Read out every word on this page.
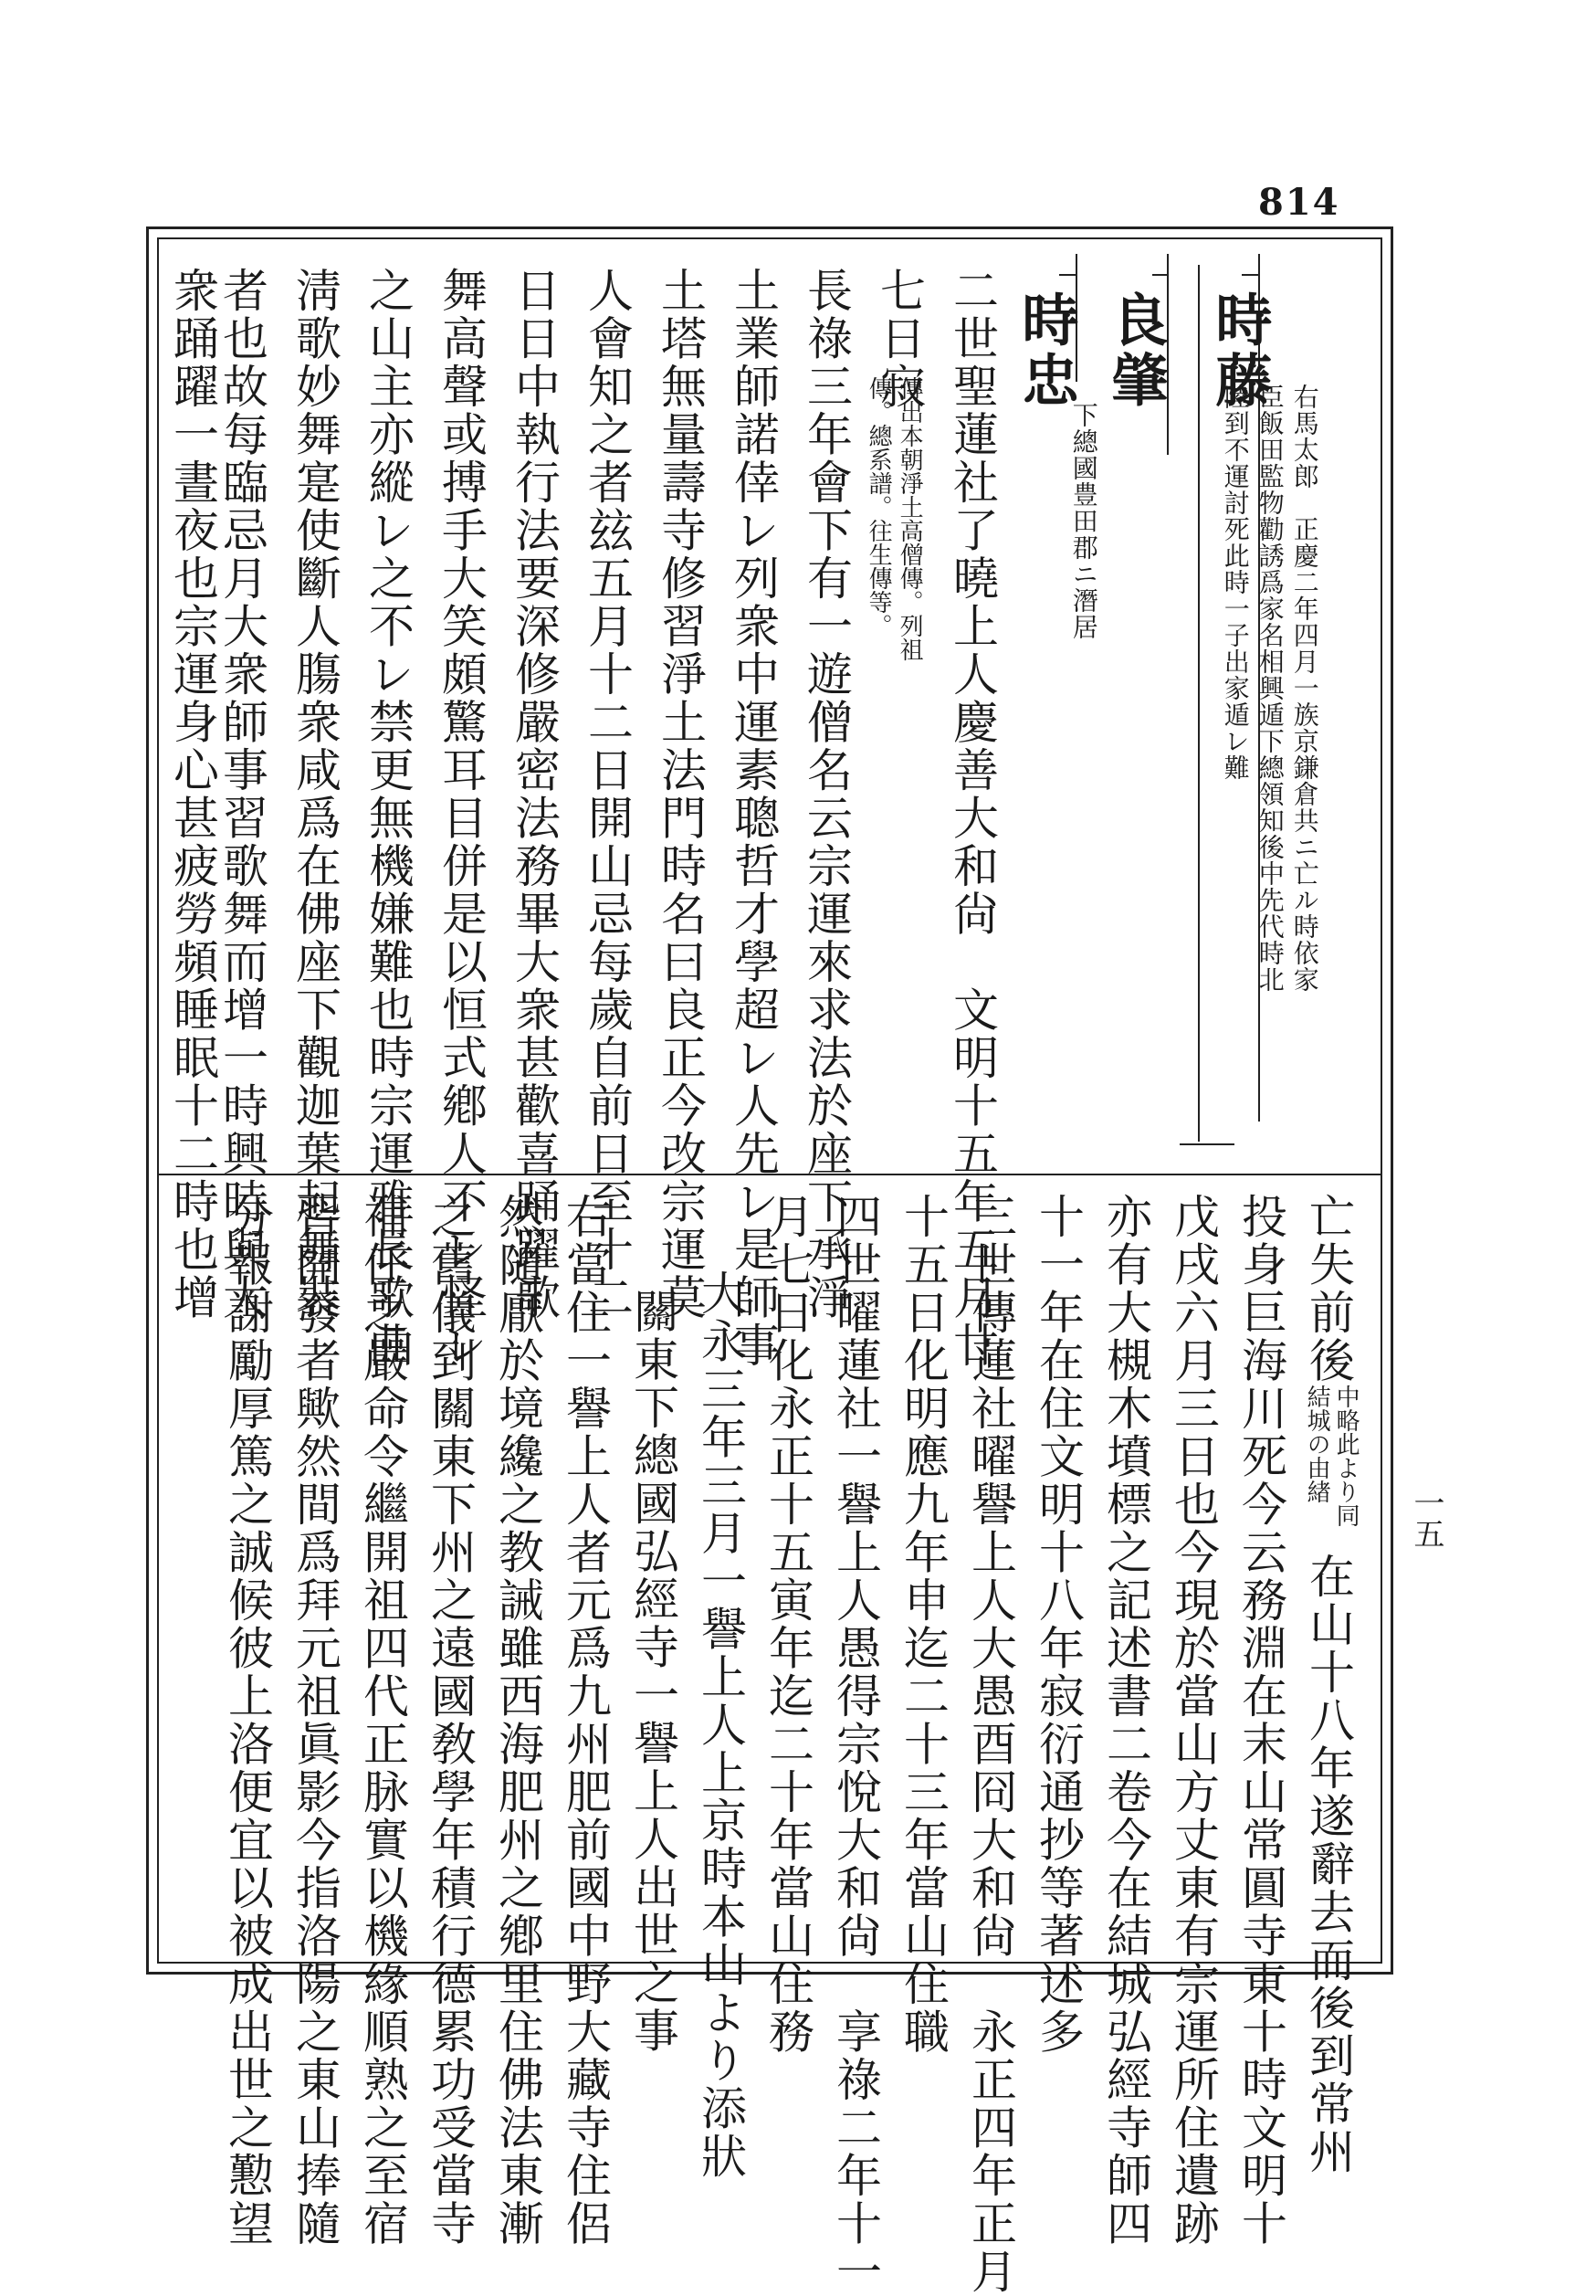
814
一五
時藤
右馬太郎　正慶二年四月一族京鎌倉共ニ亡ル時依家
臣飯田監物勸誘爲家名相興遁下總領知後中先代時北
陸到不運討死此時一子出家遁レ難
良肇
時忠
下總國豊田郡ニ潛居
二世聖蓮社了曉上人慶善大和尙　文明十五年五月廿
七日寂
傳出本朝淨土高僧傳。列祖
傳。總系譜。往生傳等。
長祿三年會下有一遊僧名云宗運來求法於座下承淨
土業師諾倖レ列衆中運素聰哲才學超レ人先レ是師事
土塔無量壽寺修習淨土法門時名曰良正今改宗運莫
人會知之者玆五月十二日開山忌每歲自前日至十二
日日中執行法要深修嚴密法務畢大衆甚歡喜踊躍歌
舞高聲或搏手大笑頗驚耳目併是以恒式鄕人不レ怪レ
之山主亦縱レ之不レ禁更無機嫌難也時宗運雅長歌曲
淸歌妙舞寔使斷人膓衆咸爲在佛座下觀迦葉起舞裝
者也故每臨忌月大衆師事習歌舞而增一時興時與大
衆踊躍一晝夜也宗運身心甚疲勞頻睡眠十二時也增	亡失前後
中略此より同
結城の由緖
在山十八年遂辭去而後到常州
投身巨海川死今云務淵在末山常圓寺東十時文明十
戊戌六月三日也今現於當山方丈東有宗運所住遺跡
亦有大槻木墳標之記述書二卷今在結城弘經寺師四
十一年在住文明十八年寂衍通抄等著述多
三世傳蓮社曜譽上人大愚酉冏大和尙　永正四年正月
十五日化明應九年申迄二十三年當山住職
四世曜蓮社一譽上人愚得宗悅大和尙　享祿二年十一
月七日化永正十五寅年迄二十年當山住務
大永三年三月一譽上人上京時本山より添狀
關東下總國弘經寺一譽上人出世之事
右當住一譽上人者元爲九州肥前國中野大藏寺住侶
然隨厭於境纔之教誡雖西海肥州之鄕里住佛法東漸
之舊儀到關東下州之遠國敎學年積行德累功受當寺
補任之嚴命令繼開祖四代正脉實以機緣順熟之至宿
習開發者歟然間爲拜元祖眞影今指洛陽之東山捧隨
分報謝勵厚篤之誠候彼上洛便宜以被成出世之懃望
